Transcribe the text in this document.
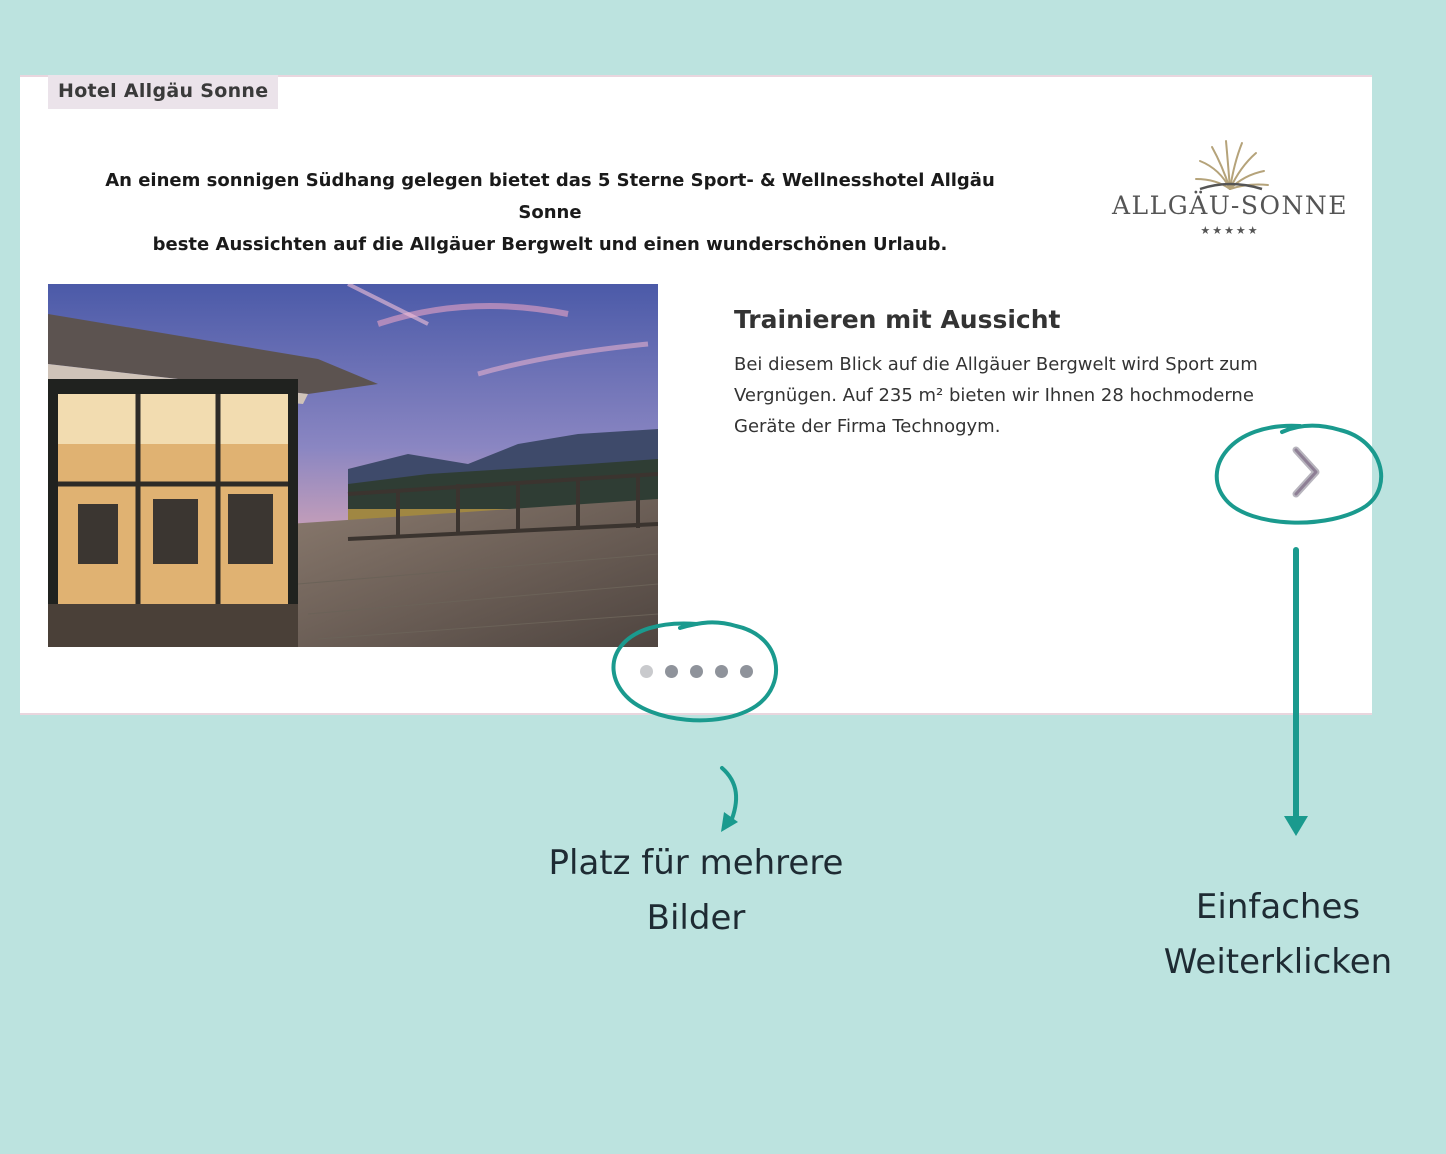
Hotel Allgäu Sonne
An einem sonnigen Südhang gelegen bietet das 5 Sterne Sport- & Wellnesshotel Allgäu Sonne
beste Aussichten auf die Allgäuer Bergwelt und einen wunderschönen Urlaub.
ALLGÄU-SONNE
★★★★★
Trainieren mit Aussicht
Bei diesem Blick auf die Allgäuer Bergwelt wird Sport zum Vergnügen. Auf 235 m² bieten wir Ihnen 28 hochmoderne Geräte der Firma Technogym.
Platz für mehrere
Bilder	Einfaches
Weiterklicken
